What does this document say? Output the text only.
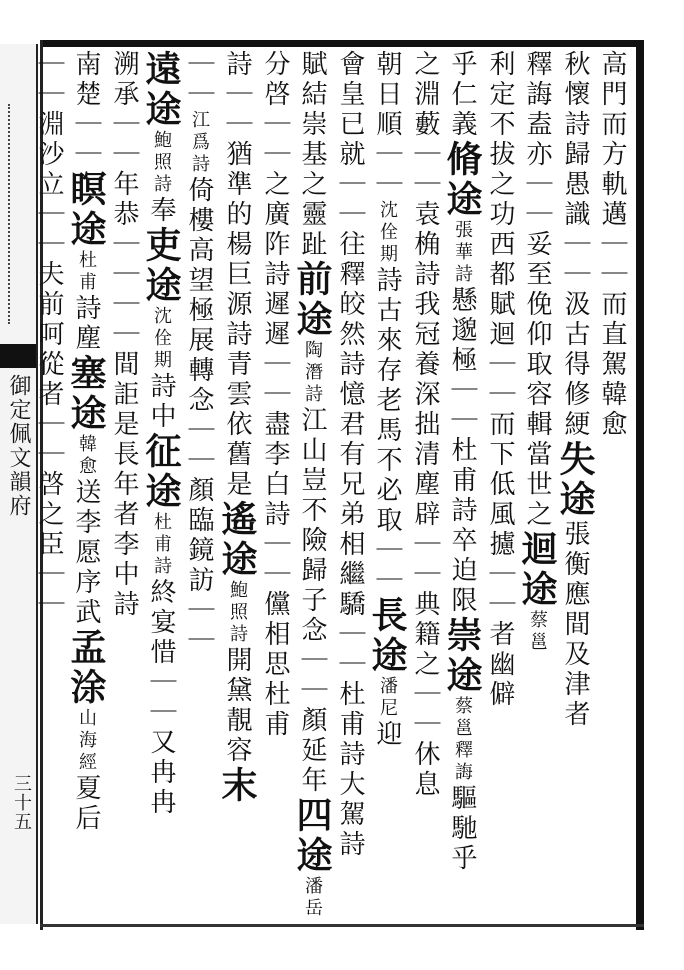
御定佩文韻府
三十五
高門而方軌邁｜｜而直駕韓愈
秋懷詩歸愚識｜｜汲古得修綆失途張衡應間及津者
釋誨盍亦｜｜妥至俛仰取容輯當世之迴途蔡邕
利定不拔之功西都賦迴｜｜而下低風攄｜｜者幽僻
乎仁義脩途張華詩懸邈極｜｜杜甫詩卒迫限崇途蔡邕釋誨驅馳乎
之淵藪｜｜袁桷詩我冠養深拙清塵辟｜｜典籍之｜｜休息
朝日順｜｜沈佺期詩古來存老馬不必取｜｜長途潘尼迎
會皇已就｜｜往釋皎然詩憶君有兄弟相繼驕｜｜杜甫詩大駕詩
賦結崇基之靈趾前途陶潛詩江山豈不險歸子念｜｜顏延年四途潘岳
分啓｜｜之廣阼詩遲遲｜｜盡李白詩｜｜儻相思杜甫
詩｜｜猶準的楊巨源詩青雲依舊是遙途鮑照詩開黛靚容末
｜｜江爲詩倚樓高望極展轉念｜｜顏臨鏡訪｜｜
遠途鮑照詩奉吏途沈佺期詩中征途杜甫詩終宴惜｜｜又冉冉
溯承｜｜年恭｜｜｜｜間詎是長年者李中詩
南楚｜｜瞑途杜甫詩塵塞途韓愈送李愿序武孟涂山海經夏后
｜｜淵沙立｜｜夫前呵從者｜｜啓之臣｜｜
